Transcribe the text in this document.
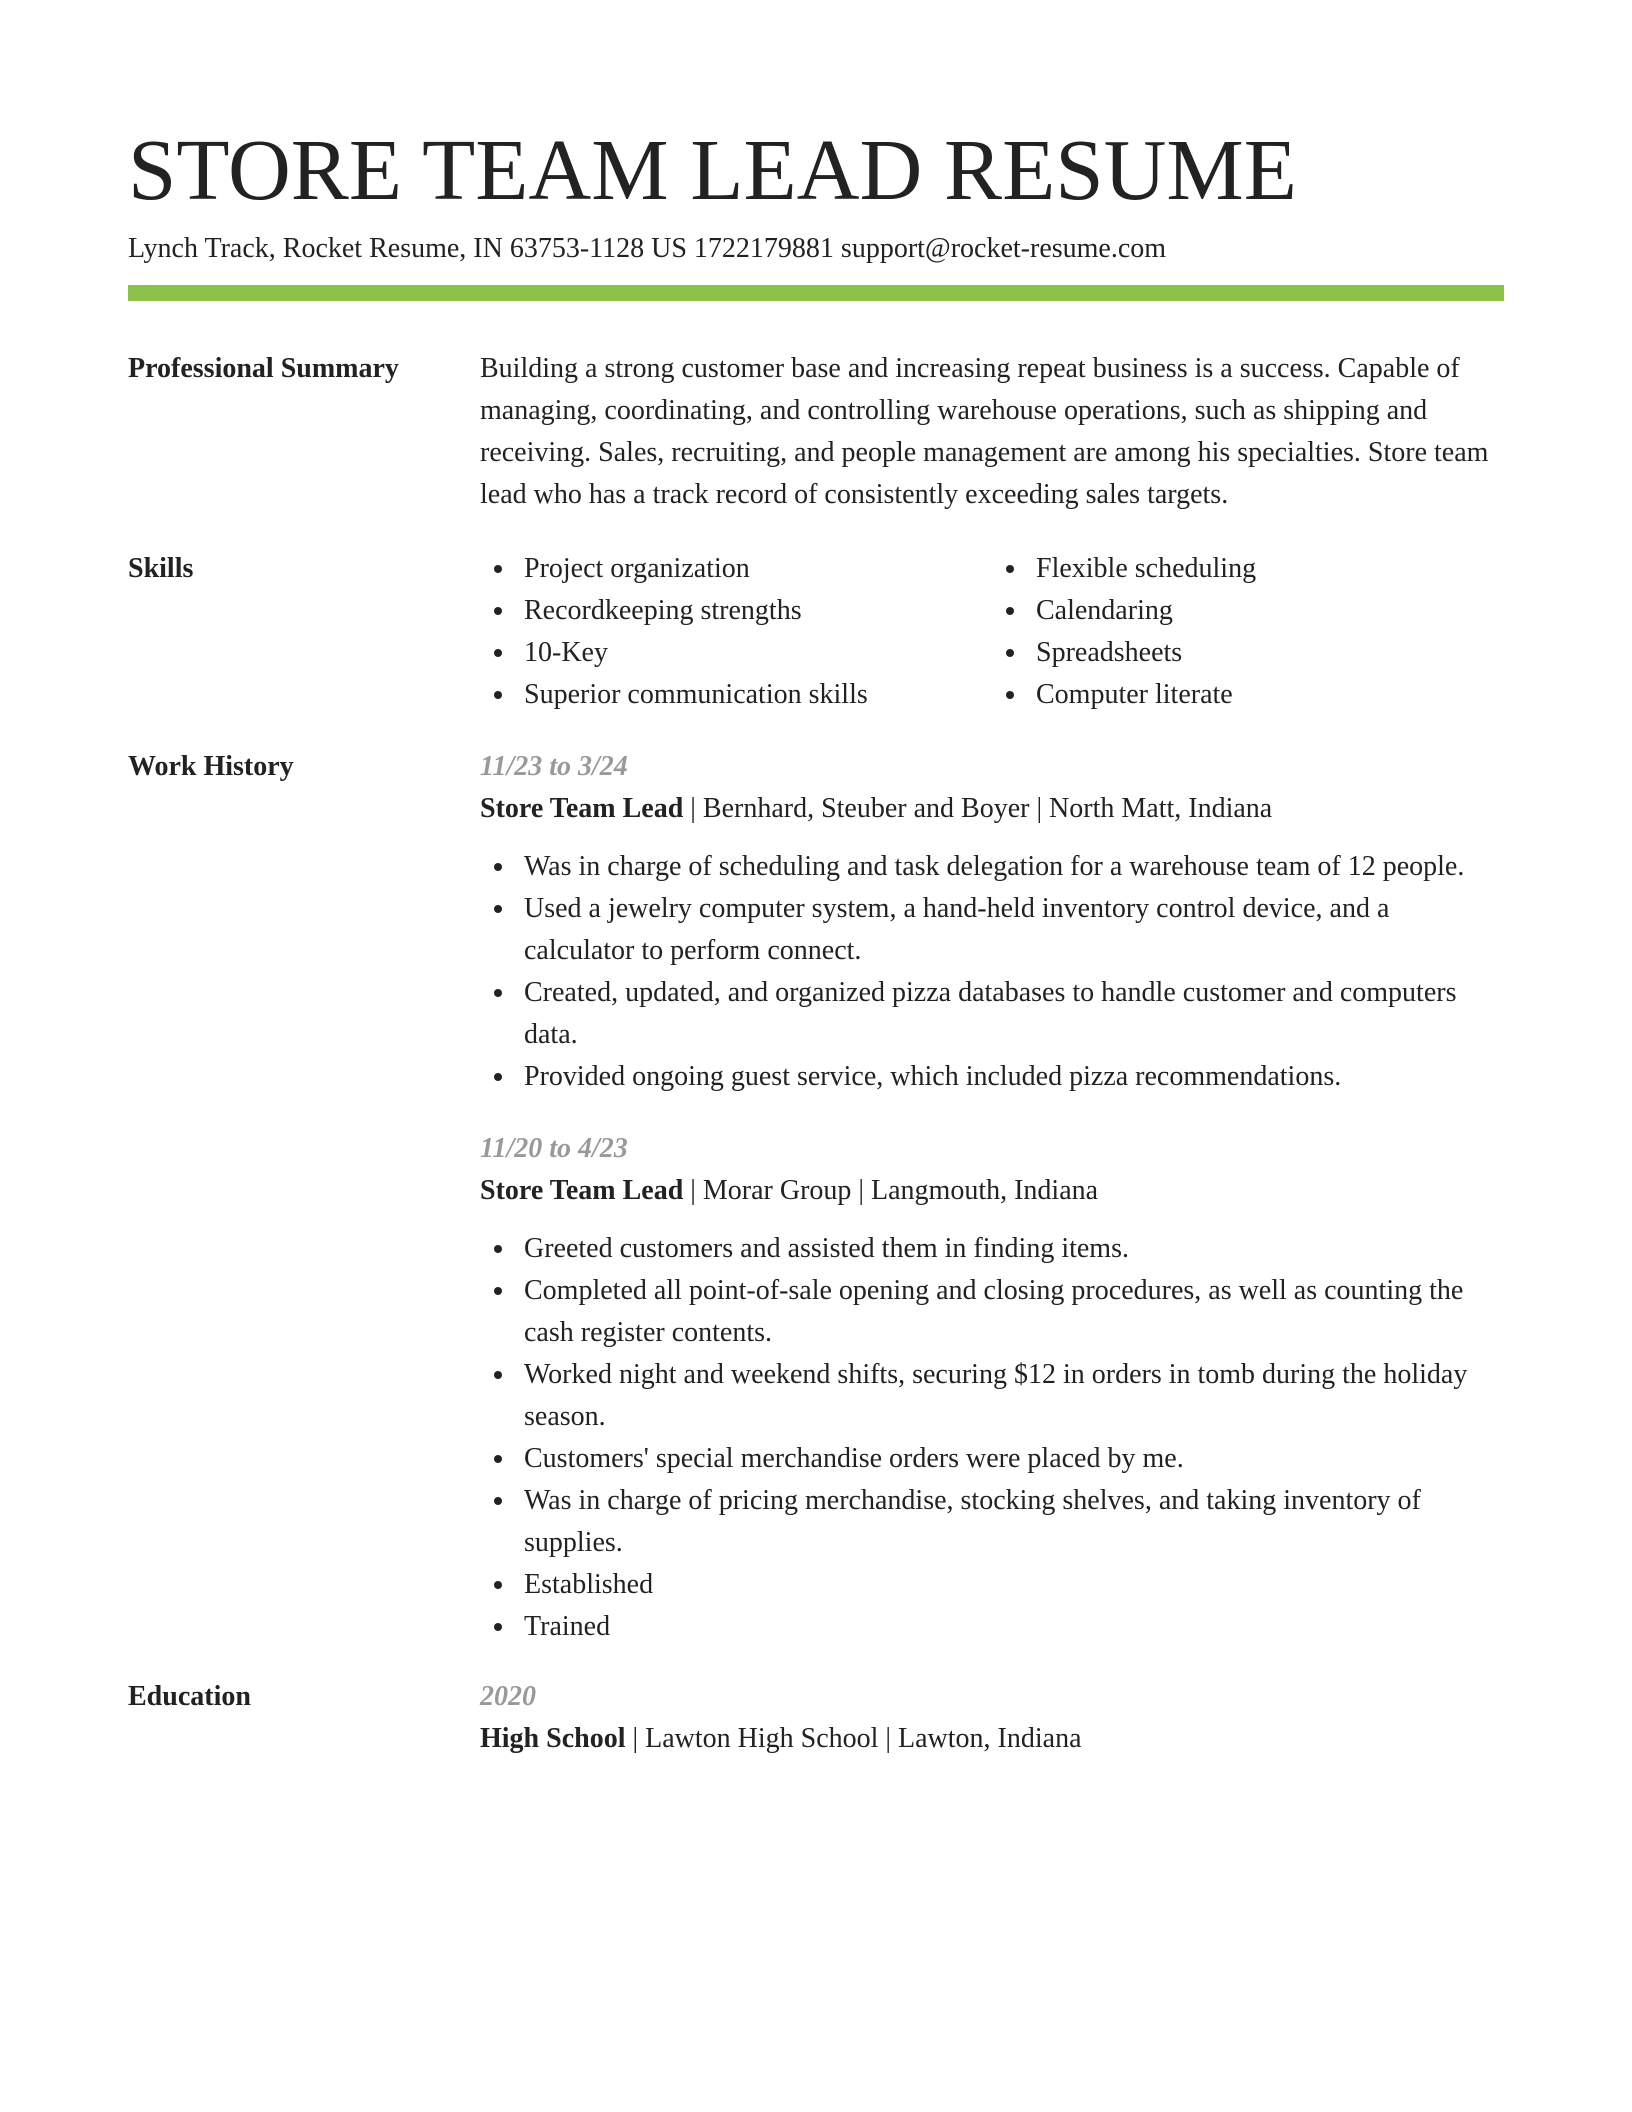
STORE TEAM LEAD RESUME
Lynch Track, Rocket Resume, IN 63753-1128 US 1722179881 support@rocket-resume.com
Professional Summary	Building a strong customer base and increasing repeat business is a success. Capable of managing, coordinating, and controlling warehouse operations, such as shipping and receiving. Sales, recruiting, and people management are among his specialties. Store team lead who has a track record of consistently exceeding sales targets.

Skills	Project organization
Recordkeeping strengths
10-Key
Superior communication skills
Flexible scheduling
Calendaring
Spreadsheets
Computer literate
Work History	11/23 to 3/24
Store Team Lead | Bernhard, Steuber and Boyer | North Matt, Indiana
Was in charge of scheduling and task delegation for a warehouse team of 12 people.
Used a jewelry computer system, a hand-held inventory control device, and a calculator to perform connect.
Created, updated, and organized pizza databases to handle customer and computers data.
Provided ongoing guest service, which included pizza recommendations.
11/20 to 4/23
Store Team Lead | Morar Group | Langmouth, Indiana
Greeted customers and assisted them in finding items.
Completed all point-of-sale opening and closing procedures, as well as counting the cash register contents.
Worked night and weekend shifts, securing $12 in orders in tomb during the holiday season.
Customers' special merchandise orders were placed by me.
Was in charge of pricing merchandise, stocking shelves, and taking inventory of supplies.
Established
Trained
Education	2020
High School | Lawton High School | Lawton, Indiana
